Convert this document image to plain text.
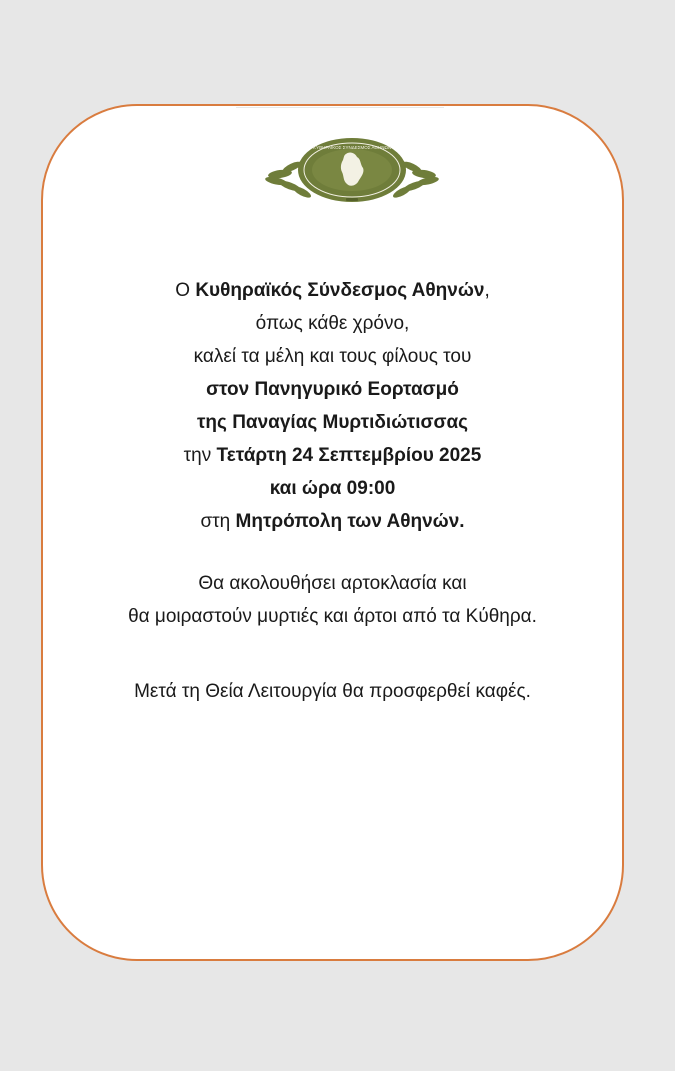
ΚΥΘΗΡΑΪΚΟΣ ΣΥΝΔΕΣΜΟΣ ΑΘΗΝΩΝ
Ο Κυθηραϊκός Σύνδεσμος Αθηνών,
όπως κάθε χρόνο,
καλεί τα μέλη και τους φίλους του
στον Πανηγυρικό Εορτασμό
της Παναγίας Μυρτιδιώτισσας
την Τετάρτη 24 Σεπτεμβρίου 2025
και ώρα 09:00
στη Μητρόπολη των Αθηνών.
Θα ακολουθήσει αρτοκλασία και
θα μοιραστούν μυρτιές και άρτοι από τα Κύθηρα.
Μετά τη Θεία Λειτουργία θα προσφερθεί καφές.
